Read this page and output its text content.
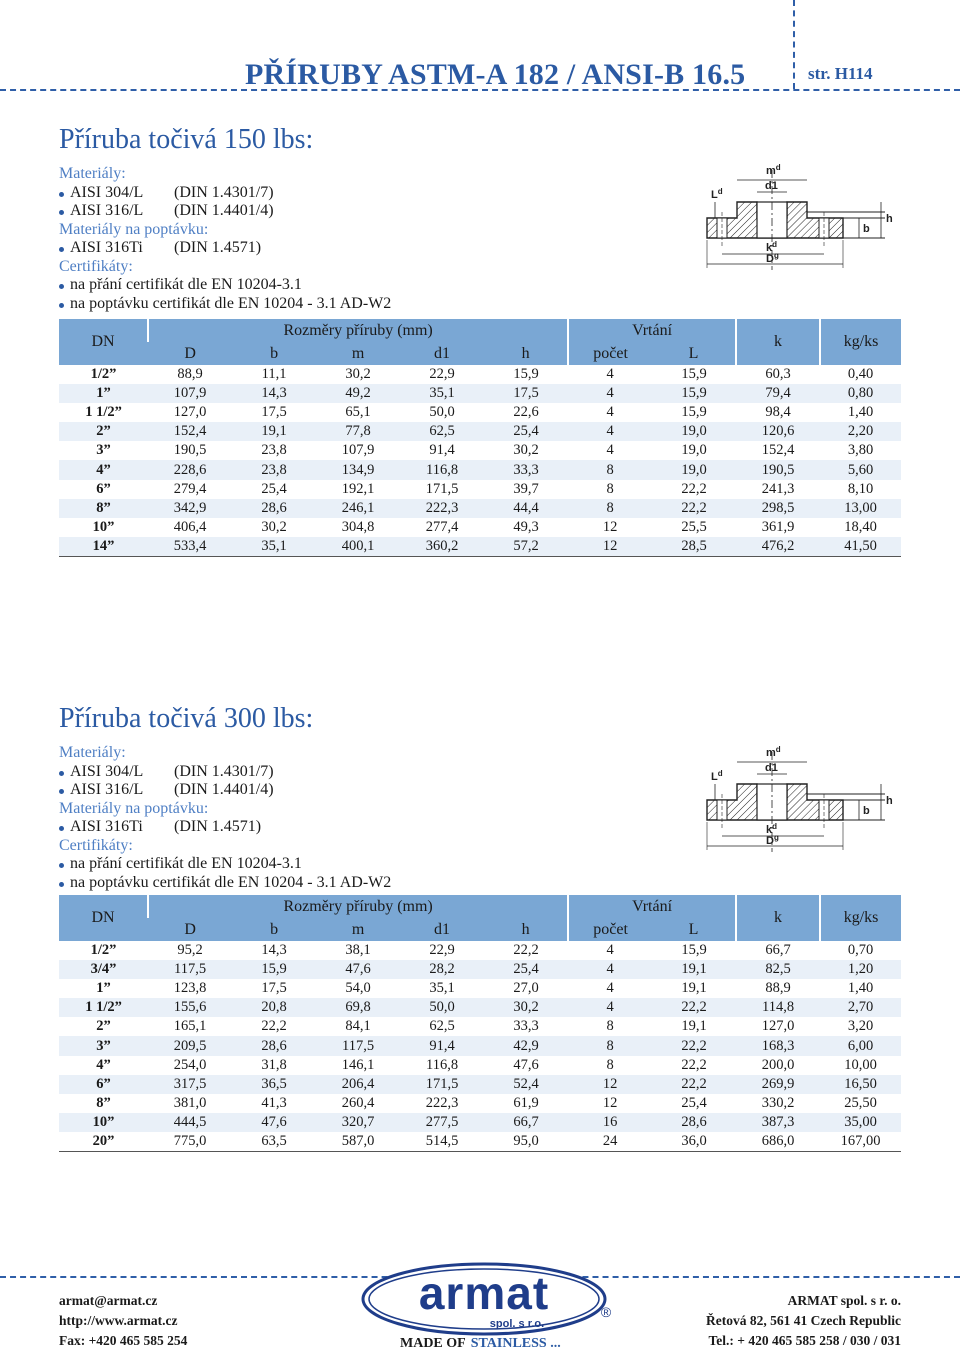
PŘÍRUBY ASTM-A 182 / ANSI-B 16.5	str. H114
Příruba točivá 150 lbs:
Materiály:
AISI 304/L (DIN 1.4301/7)
AISI 316/L (DIN 1.4401/4)
Materiály na poptávku:
AISI 316Ti (DIN 1.4571)
Certifikáty:
na přání certifikát dle EN 10204-3.1
na poptávku certifikát dle EN 10204 - 3.1 AD-W2
$m^d$
d1
$L^d$
h
b
$k^d$
$D^g$
DN	Rozměry příruby (mm)					Vrtání		k	kg/ks
	D	b	m	d1	h	počet	L		
1/2”	88,9	11,1	30,2	22,9	15,9	4	15,9	60,3	0,40
1”	107,9	14,3	49,2	35,1	17,5	4	15,9	79,4	0,80
1 1/2”	127,0	17,5	65,1	50,0	22,6	4	15,9	98,4	1,40
2”	152,4	19,1	77,8	62,5	25,4	4	19,0	120,6	2,20
3”	190,5	23,8	107,9	91,4	30,2	4	19,0	152,4	3,80
4”	228,6	23,8	134,9	116,8	33,3	8	19,0	190,5	5,60
6”	279,4	25,4	192,1	171,5	39,7	8	22,2	241,3	8,10
8”	342,9	28,6	246,1	222,3	44,4	8	22,2	298,5	13,00
10”	406,4	30,2	304,8	277,4	49,3	12	25,5	361,9	18,40
14”	533,4	35,1	400,1	360,2	57,2	12	28,5	476,2	41,50
Příruba točivá 300 lbs:
Materiály:
AISI 304/L (DIN 1.4301/7)
AISI 316/L (DIN 1.4401/4)
Materiály na poptávku:
AISI 316Ti (DIN 1.4571)
Certifikáty:
na přání certifikát dle EN 10204-3.1
na poptávku certifikát dle EN 10204 - 3.1 AD-W2
$m^d$
d1
$L^d$
h
b
$k^d$
$D^g$
DN	Rozměry příruby (mm)					Vrtání		k	kg/ks
	D	b	m	d1	h	počet	L		
1/2”	95,2	14,3	38,1	22,9	22,2	4	15,9	66,7	0,70
3/4”	117,5	15,9	47,6	28,2	25,4	4	19,1	82,5	1,20
1”	123,8	17,5	54,0	35,1	27,0	4	19,1	88,9	1,40
1 1/2”	155,6	20,8	69,8	50,0	30,2	4	22,2	114,8	2,70
2”	165,1	22,2	84,1	62,5	33,3	8	19,1	127,0	3,20
3”	209,5	28,6	117,5	91,4	42,9	8	22,2	168,3	6,00
4”	254,0	31,8	146,1	116,8	47,6	8	22,2	200,0	10,00
6”	317,5	36,5	206,4	171,5	52,4	12	22,2	269,9	16,50
8”	381,0	41,3	260,4	222,3	61,9	12	25,4	330,2	25,50
10”	444,5	47,6	320,7	277,5	66,7	16	28,6	387,3	35,00
20”	775,0	63,5	587,0	514,5	95,0	24	36,0	686,0	167,00
armat@armat.cz
http://www.armat.cz
Fax: +420 465 585 254
armat
spol. s r.o.
®
MADE OF STAINLESS ...
ARMAT spol. s r. o.
Řetová 82, 561 41 Czech Republic
Tel.: + 420 465 585 258 / 030 / 031
